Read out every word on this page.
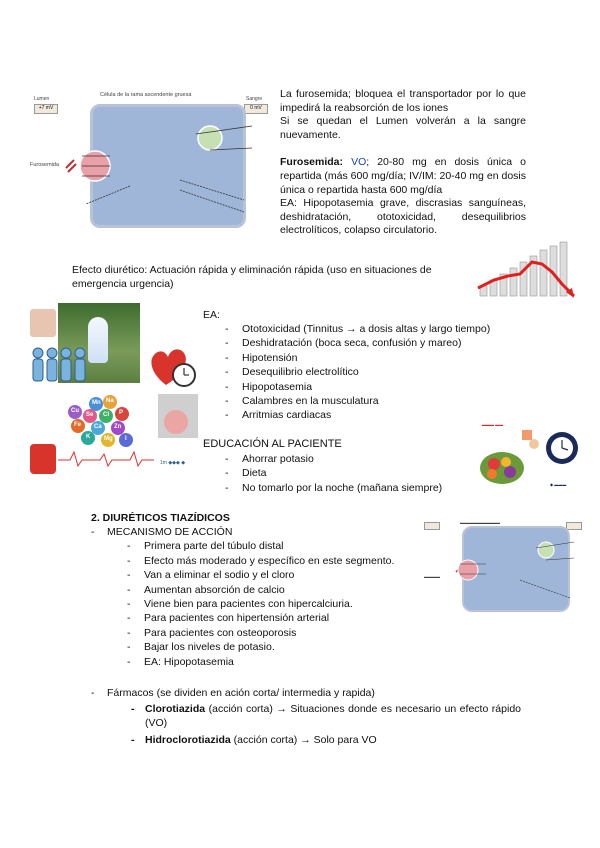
Célula de la rama ascendente gruesa
Lumen
+7 mV
Sangre
0 mV
Furosemida
La furosemida; bloquea el transportador por lo que impedirá la reabsorción de los iones
Si se quedan el Lumen volverán a la sangre nuevamente.
Furosemida: VO; 20-80 mg en dosis única o repartida (más 600 mg/día; IV/IM: 20-40 mg en dosis única o repartida hasta 600 mg/día
EA: Hipopotasemia grave, discrasias sanguíneas, deshidratación, ototoxicidad, desequilibrios electrolíticos, colapso circulatorio.
Efecto diurético: Actuación rápida y eliminación rápida (uso en situaciones de emergencia urgencia)
1m ◆◆◆ ◆
Mn Na
Cu
Se Cl
Fe Ca Zn
K
P
Mg I
EA:
- Ototoxicidad (Tinnitus → a dosis altas y largo tiempo)
- Deshidratación (boca seca, confusión y mareo)
- Hipotensión
- Desequilibrio electrolítico
- Hipopotasemia
- Calambres en la musculatura
- Arritmias cardiacas
EDUCACIÓN AL PACIENTE
- Ahorrar potasio
- Dieta
- No tomarlo por la noche (mañana siempre)
▬▬▬ ▬▬
◆ ▬▬▬
2. DIURÉTICOS TIAZÍDICOS
- MECANISMO DE ACCIÓN
- Primera parte del túbulo distal
- Efecto más moderado y específico en este segmento.
- Van a eliminar el sodio y el cloro
- Aumentan absorción de calcio
- Viene bien para pacientes con hipercalciuria.
- Para pacientes con hipertensión arterial
- Para pacientes con osteoporosis
- Bajar los niveles de potasio.
- EA: Hipopotasemia
▬▬▬▬
▬▬▬▬▬▬▬▬▬▬
- Fármacos (se dividen en ación corta/ intermedia y rapida)
- Clorotiazida (acción corta) → Situaciones donde es necesario un efecto rápido (VO)
- Hidroclorotiazida (acción corta) → Solo para VO
